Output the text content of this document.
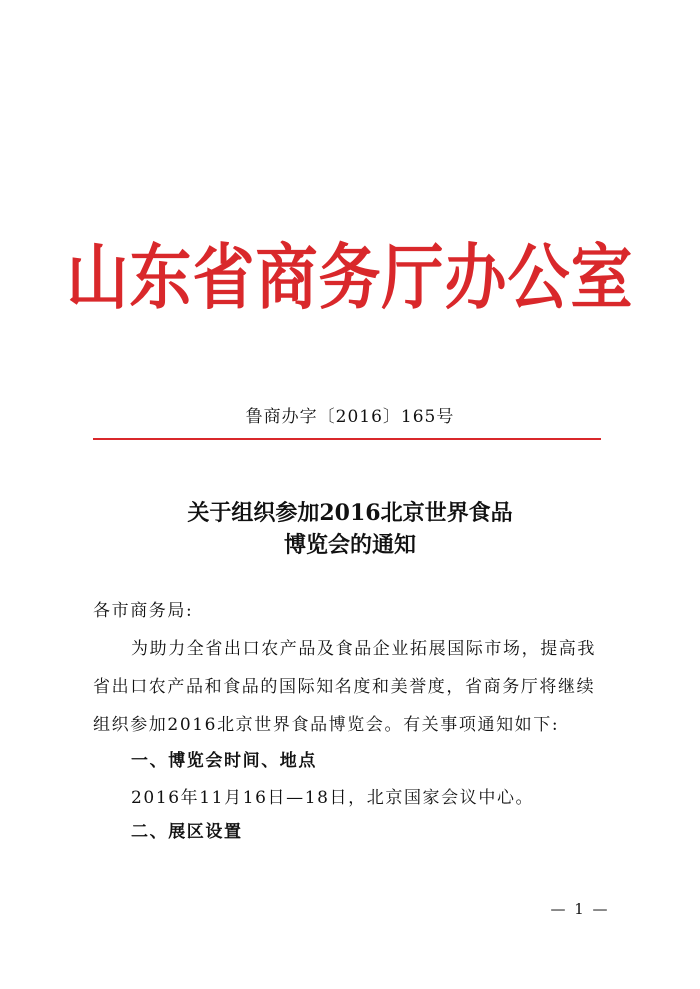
山东省商务厅办公室
鲁商办字〔2016〕165号
关于组织参加2016北京世界食品
博览会的通知
各市商务局:
为助力全省出口农产品及食品企业拓展国际市场，提高我
省出口农产品和食品的国际知名度和美誉度，省商务厅将继续
组织参加2016北京世界食品博览会。有关事项通知如下:
一、博览会时间、地点
2016年11月16日—18日，北京国家会议中心。
二、展区设置
— 1 —
